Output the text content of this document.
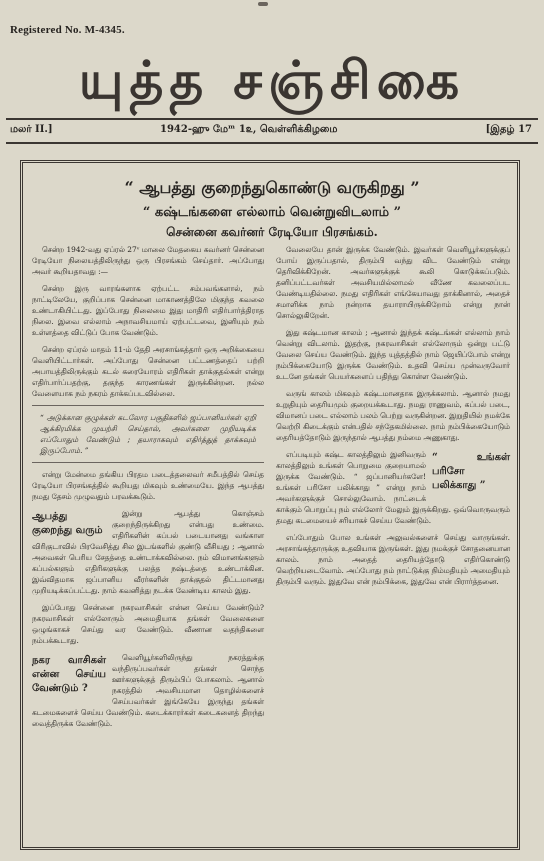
Registered No. M-4345.
யுத்த சஞ்சிகை
மலர் II.]	1942-ஹு மேᵐ 1௨, வெள்ளிக்கிழமை	[இதழ் 17
“ ஆபத்து குறைந்துகொண்டு வருகிறது ”
“ கஷ்டங்களை எல்லாம் வென்றுவிடலாம் ”
சென்னை கவர்னர் ரேடியோ பிரசங்கம்.

சென்ற 1942-வது ஏப்ரல் 27ᵛ மாலை மேதகைய கவர்னர் சென்னை ரேடியோ நிலையத்திலிருந்து ஒரு பிரசங்கம் செய்தார். அப்போது அவர் கூறியதாவது :—

சென்ற இரு வாரங்களாக ஏற்பட்ட சம்பவங்களால், நம் நாட்டிலேயே, குறிப்பாக சென்னை மாகாணத்திலே மிகுந்த கவலை உண்டாகியிட்டது. இப்போது நிலைமை இது மாதிரி எதிர்பார்த்திராத நிலை. இவை எல்லாம் அநாவசியமாய் ஏற்பட்டவை, இனியும் நம் உள்ளத்தை விட்டுப் போக வேண்டும்.

சென்ற ஏப்ரல் மாதம் 11-ம் தேதி அரசாங்கத்தார் ஒரு அறிக்கையை வெளியிட்டார்கள். அப்போது சென்னை பட்டணத்தைப் பற்றி அபாயத்திலிருக்கும் கடல் கரையோரம் எதிரிகள் தாக்குதல்கள் என்று எதிர்பார்ப்பதற்கு, தகுந்த காரணங்கள் இருக்கின்றன. நல்ல வேளையாக நம் நகரம் தாக்கப்படவில்லை.

“ அடுக்கான குழுக்கள் கடலோர பகுதிகளில் ஜப்பானியர்கள் ஏறி ஆக்கிரமிக்க முயற்சி செய்தால், அவர்களை முறியடிக்க எப்போதும் வேண்டும் ; தயாராகவும் எதிர்த்துத் தாக்கவும் இருப்போம். ”

என்று மேன்மை தங்கிய பிரதம படைத்தலைவர் சமீபத்தில் செய்த ரேடியோ பிரசங்கத்தில் கூறியது மிகவும் உண்மையே. இந்த ஆபத்து நமது தேசம் முழுவதும் பரவக்கூடும்.

ஆபத்து குறைந்து வரும்

இன்று ஆபத்து கொஞ்சம் குறைந்திருக்கிறது என்பது உண்மை. எதிரிகளின் கப்பல் படையானது வங்காள விரிகுடாவில் பிரவேசித்து சில இடங்களில் குண்டு வீசியது ; ஆனால் அவைகள் பெரிய சேதத்தை உண்டாக்கவில்லை. நம் விமானங்களும் கப்பல்களும் எதிரிகளுக்கு பலத்த நஷ்டத்தை உண்டாக்கின. இவ்விதமாக ஜப்பானிய வீரர்களின் தாக்குதல் திட்டமானது முறியடிக்கப்பட்டது. நாம் கவனித்து நடக்க வேண்டிய காலம் இது.

இப்போது சென்னை நகரவாசிகள் என்ன செய்ய வேண்டும்? நகரவாசிகள் எல்லோரும் அமைதியாக தங்கள் வேலைகளை ஒழுங்காகச் செய்து வர வேண்டும். வீணான வதந்திகளை நம்பக்கூடாது.

நகர வாசிகள் என்ன செய்ய வேண்டும் ?

வெளியூர்களிலிருந்து நகரத்துக்கு வந்திருப்பவர்கள் தங்கள் சொந்த ஊர்களுக்குத் திரும்பிப் போகலாம். ஆனால் நகரத்தில் அவசியமான தொழில்களைச் செய்பவர்கள் இங்கேயே இருந்து தங்கள் கடமைகளைச் செய்ய வேண்டும். கடைக்காரர்கள் கடைகளைத் திறந்து வைத்திருக்க வேண்டும்.

வேலையே தான் இருக்க வேண்டும். இவர்கள் வெளியூர்களுக்குப் போய் இருப்பதால், திரும்பி வந்து விட வேண்டும் என்று தெரிவிக்கிறேன். அவர்களுக்குக் கூலி கொடுக்கப்படும். தனிப்பட்டவர்கள் அவசியமில்லாமல் வீணே கவலைப்பட வேண்டியதில்லை. நமது எதிரிகள் எங்கேயாவது தாக்கினால், அதைச் சமாளிக்க நாம் நன்றாக தயாராயிருக்கிறோம் என்று நான் சொல்லுகிறேன்.

இது கஷ்டமான காலம் ; ஆனால் இந்தக் கஷ்டங்கள் எல்லாம் நாம் வென்று விடலாம். இதற்கு, நகரவாசிகள் எல்லோரும் ஒன்று பட்டு வேலை செய்ய வேண்டும். இந்த யுத்தத்தில் நாம் ஜெயிப்போம் என்று நம்பிக்கையோடு இருக்க வேண்டும். உதவி செய்ய முன்வருவோர் உடனே தங்கள் பெயர்களைப் பதிந்து கொள்ள வேண்டும்.

வருங் காலம் மிகவும் கஷ்டமானதாக இருக்கலாம். ஆனால் நமது உறுதியும் தைரியமும் குறையக்கூடாது. நமது ராணுவம், கப்பல் படை, விமானப் படை எல்லாம் பலம் பெற்று வருகின்றன. இறுதியில் நமக்கே வெற்றி கிடைக்கும் என்பதில் சந்தேகமில்லை. நாம் நம்பிக்கையோடும் தைரியத்தோடும் இருந்தால் ஆபத்து நம்மை அணுகாது.

“ உங்கள் பரிசோ பலிக்காது ”

எப்படியும் கஷ்ட காலத்திலும் இனிவரும் காலத்திலும் உங்கள் பொறுமை குறையாமல் இருக்க வேண்டும். “ ஜப்பானியர்களே! உங்கள் பரிசோ பலிக்காது ” என்று நாம் அவர்களுக்குச் சொல்லுவோம். நாட்டைக் காக்கும் பொறுப்பு நம் எல்லோர் மேலும் இருக்கிறது. ஒவ்வொருவரும் தமது கடமையைச் சரியாகச் செய்ய வேண்டும்.

எப்போதும் போல உங்கள் அலுவல்களைச் செய்து வாருங்கள். அரசாங்கத்தாருக்கு உதவியாக இருங்கள். இது நமக்குச் சோதனையான காலம். நாம் அதைத் தைரியத்தோடு எதிர்கொண்டு வெற்றியடைவோம். அப்போது நம் நாட்டுக்கு நிம்மதியும் அமைதியும் திரும்பி வரும். இதுவே என் நம்பிக்கை, இதுவே என் பிரார்த்தனை.
